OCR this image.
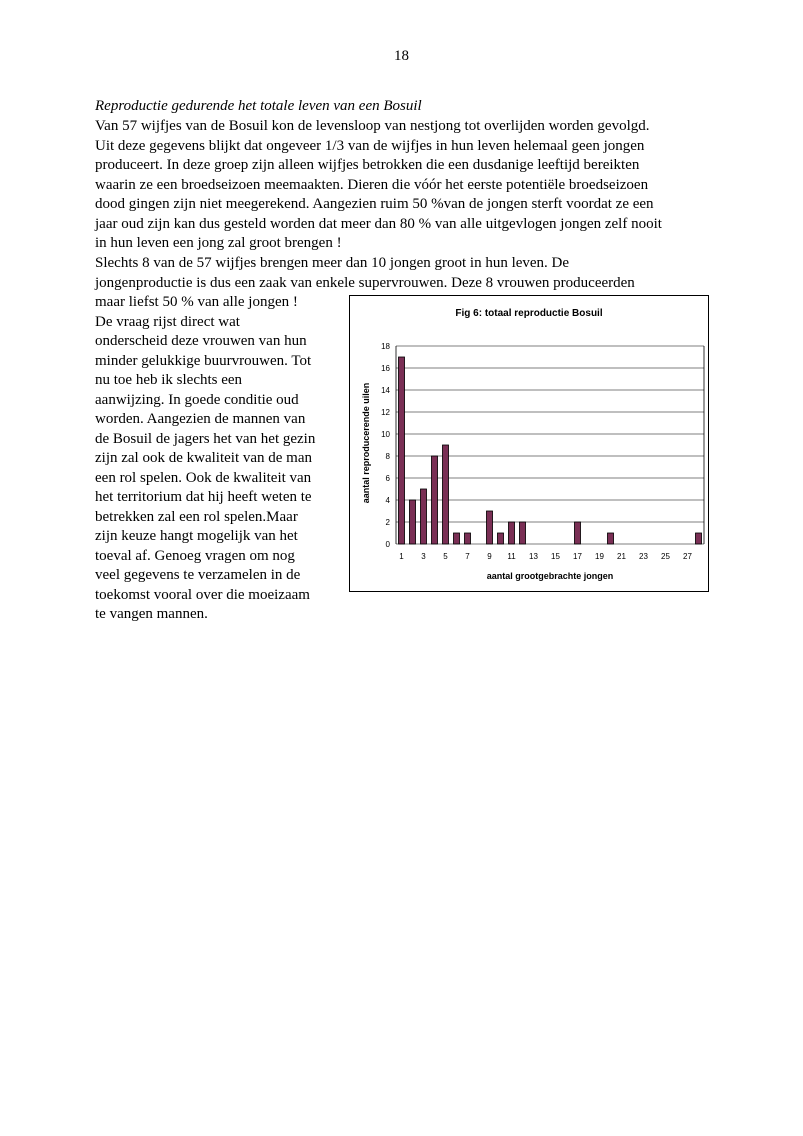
18
Reproductie gedurende het totale leven van een Bosuil
Van 57 wijfjes van de Bosuil kon de levensloop van nestjong tot overlijden worden gevolgd.
Uit deze gegevens blijkt dat ongeveer 1/3 van de wijfjes in hun leven helemaal geen jongen
produceert. In deze groep zijn alleen wijfjes betrokken die een dusdanige leeftijd bereikten
waarin ze een broedseizoen meemaakten. Dieren die vóór het eerste potentiële broedseizoen
dood gingen zijn niet meegerekend. Aangezien ruim 50 %van de jongen sterft voordat ze een
jaar oud zijn kan dus gesteld worden dat meer dan 80 % van alle uitgevlogen jongen zelf nooit
in hun leven een jong zal groot brengen !
Slechts 8 van de 57 wijfjes brengen meer dan 10 jongen groot in hun leven. De
jongenproductie is dus een zaak van enkele supervrouwen. Deze 8 vrouwen produceerden
maar liefst 50 % van alle jongen !
De vraag rijst direct wat
onderscheid deze vrouwen van hun
minder gelukkige buurvrouwen. Tot
nu toe heb ik slechts een
aanwijzing. In goede conditie oud
worden. Aangezien de mannen van
de Bosuil de jagers het van het gezin
zijn zal ook de kwaliteit van de man
een rol spelen. Ook de kwaliteit van
het territorium dat hij heeft weten te
betrekken zal een rol spelen.Maar
zijn keuze hangt mogelijk van het
toeval af. Genoeg vragen om nog
veel gegevens te verzamelen in de
toekomst vooral over die moeizaam
te vangen mannen.
Fig 6: totaal reproductie Bosuil
aantal grootgebrachte jongen
aantal reproducerende uilen
0
2
4
6
8
10
12
14
16
18
1 3 5 7 9 11 13 15 17 19 21 23 25 27
